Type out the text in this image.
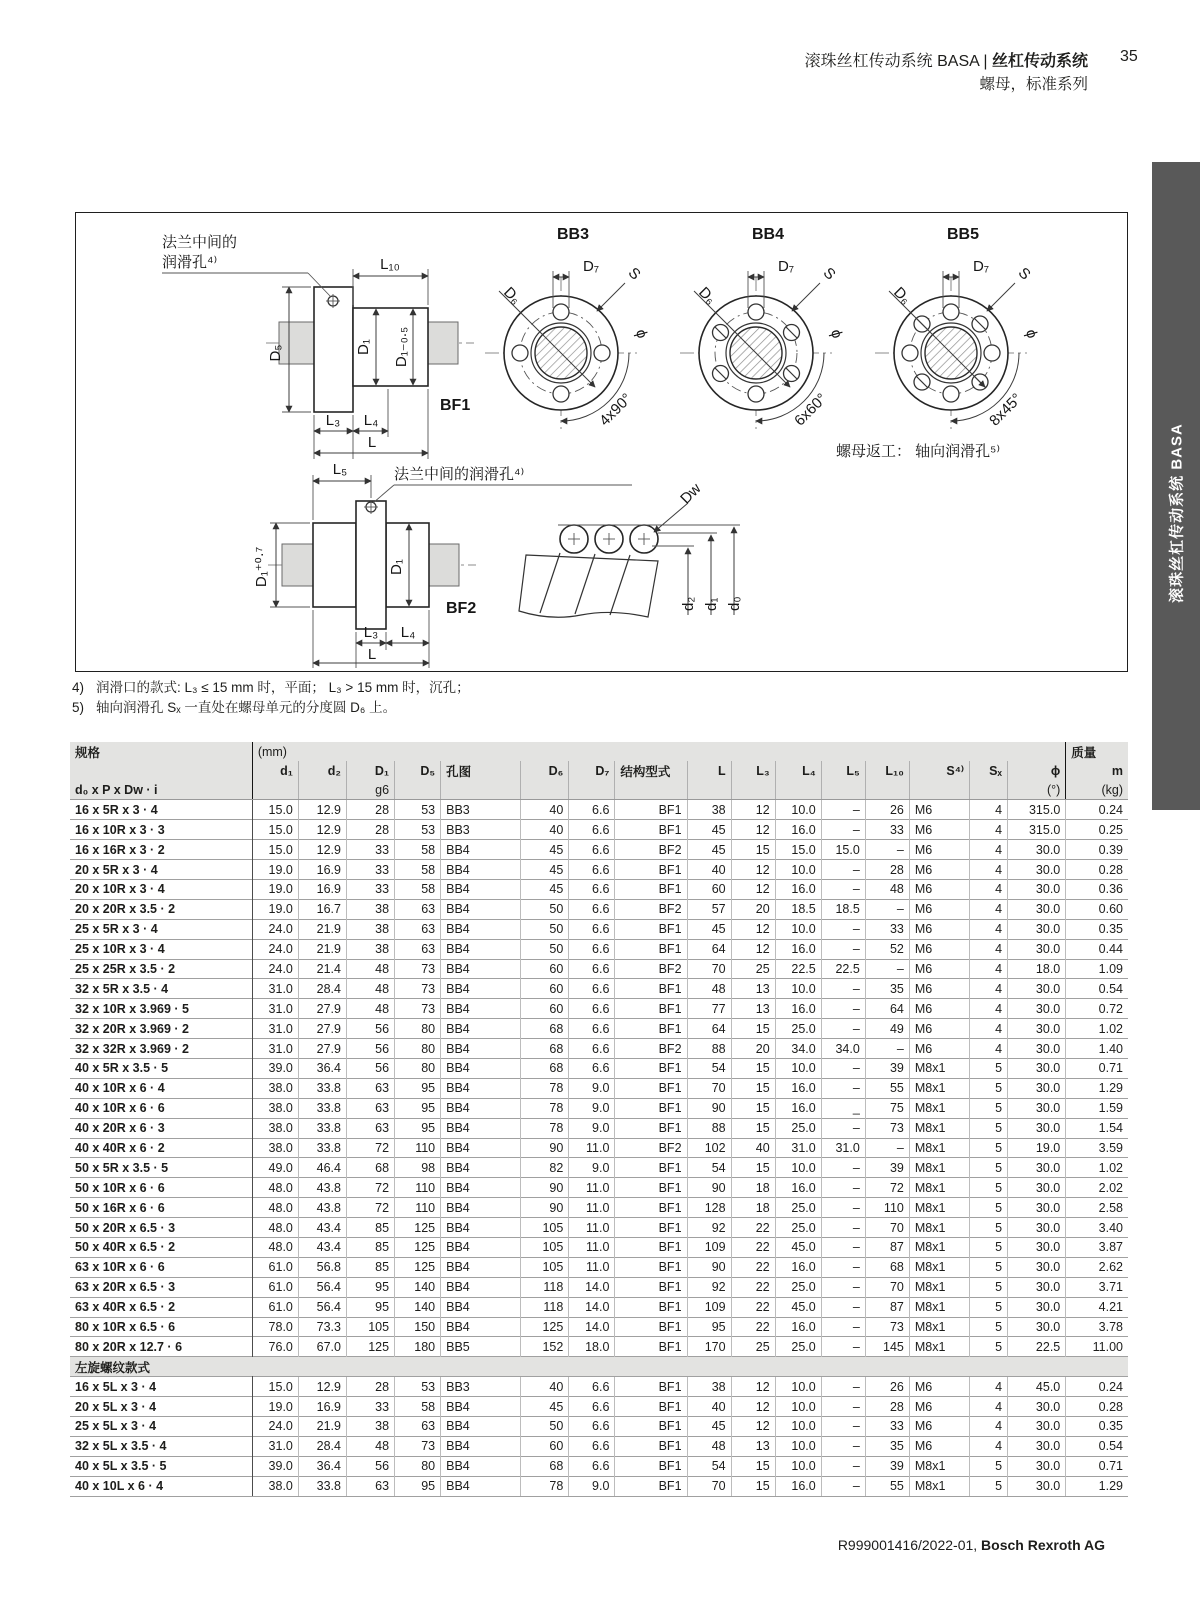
滚珠丝杠传动系统 BASA | 丝杠传动系统 35
螺母，标准系列
滚珠丝杠传动系统 BASA
法兰中间的
润滑孔⁴⁾	L₁₀
D₅	D₁ D₁₋₀.₅
BF1
L₃ L₄
L
BB3
D₇
D₆
S
ϕ
4x90°
BB4
D₇
D₆
S
ϕ
6x60°
BB5
D₇
D₆
S
ϕ
8x45°
螺母返工： 轴向润滑孔⁵⁾
L₅	法兰中间的润滑孔⁴⁾
D₁⁺⁰·⁷	D₁
BF2
L₃ L₄
L
d₂ d₁ d₀
Dw
4) 润滑口的款式: L₃ ≤ 15 mm 时，平面； L₃ > 15 mm 时，沉孔；
5) 轴向润滑孔 Sₓ 一直处在螺母单元的分度圆 D₆ 上。
规格	(mm)																质量
	d₁	d₂	D₁	D₅	孔图	D₆	D₇	结构型式	L	L₃	L₄	L₅	L₁₀	S⁴⁾	Sₓ	ϕ	m
d₀ x P x Dw · i			g6													(°)	(kg)
16 x 5R x 3 · 4	15.0	12.9	28	53	BB3	40	6.6	BF1	38	12	10.0	–	26	M6	4	315.0	0.24
16 x 10R x 3 · 3	15.0	12.9	28	53	BB3	40	6.6	BF1	45	12	16.0	–	33	M6	4	315.0	0.25
16 x 16R x 3 · 2	15.0	12.9	33	58	BB4	45	6.6	BF2	45	15	15.0	15.0	–	M6	4	30.0	0.39
20 x 5R x 3 · 4	19.0	16.9	33	58	BB4	45	6.6	BF1	40	12	10.0	–	28	M6	4	30.0	0.28
20 x 10R x 3 · 4	19.0	16.9	33	58	BB4	45	6.6	BF1	60	12	16.0	–	48	M6	4	30.0	0.36
20 x 20R x 3.5 · 2	19.0	16.7	38	63	BB4	50	6.6	BF2	57	20	18.5	18.5	–	M6	4	30.0	0.60
25 x 5R x 3 · 4	24.0	21.9	38	63	BB4	50	6.6	BF1	45	12	10.0	–	33	M6	4	30.0	0.35
25 x 10R x 3 · 4	24.0	21.9	38	63	BB4	50	6.6	BF1	64	12	16.0	–	52	M6	4	30.0	0.44
25 x 25R x 3.5 · 2	24.0	21.4	48	73	BB4	60	6.6	BF2	70	25	22.5	22.5	–	M6	4	18.0	1.09
32 x 5R x 3.5 · 4	31.0	28.4	48	73	BB4	60	6.6	BF1	48	13	10.0	–	35	M6	4	30.0	0.54
32 x 10R x 3.969 · 5	31.0	27.9	48	73	BB4	60	6.6	BF1	77	13	16.0	–	64	M6	4	30.0	0.72
32 x 20R x 3.969 · 2	31.0	27.9	56	80	BB4	68	6.6	BF1	64	15	25.0	–	49	M6	4	30.0	1.02
32 x 32R x 3.969 · 2	31.0	27.9	56	80	BB4	68	6.6	BF2	88	20	34.0	34.0	–	M6	4	30.0	1.40
40 x 5R x 3.5 · 5	39.0	36.4	56	80	BB4	68	6.6	BF1	54	15	10.0	–	39	M8x1	5	30.0	0.71
40 x 10R x 6 · 4	38.0	33.8	63	95	BB4	78	9.0	BF1	70	15	16.0	–	55	M8x1	5	30.0	1.29
40 x 10R x 6 · 6	38.0	33.8	63	95	BB4	78	9.0	BF1	90	15	16.0	_	75	M8x1	5	30.0	1.59
40 x 20R x 6 · 3	38.0	33.8	63	95	BB4	78	9.0	BF1	88	15	25.0	–	73	M8x1	5	30.0	1.54
40 x 40R x 6 · 2	38.0	33.8	72	110	BB4	90	11.0	BF2	102	40	31.0	31.0	–	M8x1	5	19.0	3.59
50 x 5R x 3.5 · 5	49.0	46.4	68	98	BB4	82	9.0	BF1	54	15	10.0	–	39	M8x1	5	30.0	1.02
50 x 10R x 6 · 6	48.0	43.8	72	110	BB4	90	11.0	BF1	90	18	16.0	–	72	M8x1	5	30.0	2.02
50 x 16R x 6 · 6	48.0	43.8	72	110	BB4	90	11.0	BF1	128	18	25.0	–	110	M8x1	5	30.0	2.58
50 x 20R x 6.5 · 3	48.0	43.4	85	125	BB4	105	11.0	BF1	92	22	25.0	–	70	M8x1	5	30.0	3.40
50 x 40R x 6.5 · 2	48.0	43.4	85	125	BB4	105	11.0	BF1	109	22	45.0	–	87	M8x1	5	30.0	3.87
63 x 10R x 6 · 6	61.0	56.8	85	125	BB4	105	11.0	BF1	90	22	16.0	–	68	M8x1	5	30.0	2.62
63 x 20R x 6.5 · 3	61.0	56.4	95	140	BB4	118	14.0	BF1	92	22	25.0	–	70	M8x1	5	30.0	3.71
63 x 40R x 6.5 · 2	61.0	56.4	95	140	BB4	118	14.0	BF1	109	22	45.0	–	87	M8x1	5	30.0	4.21
80 x 10R x 6.5 · 6	78.0	73.3	105	150	BB4	125	14.0	BF1	95	22	16.0	–	73	M8x1	5	30.0	3.78
80 x 20R x 12.7 · 6	76.0	67.0	125	180	BB5	152	18.0	BF1	170	25	25.0	–	145	M8x1	5	22.5	11.00
左旋螺纹款式																	
16 x 5L x 3 · 4	15.0	12.9	28	53	BB3	40	6.6	BF1	38	12	10.0	–	26	M6	4	45.0	0.24
20 x 5L x 3 · 4	19.0	16.9	33	58	BB4	45	6.6	BF1	40	12	10.0	–	28	M6	4	30.0	0.28
25 x 5L x 3 · 4	24.0	21.9	38	63	BB4	50	6.6	BF1	45	12	10.0	–	33	M6	4	30.0	0.35
32 x 5L x 3.5 · 4	31.0	28.4	48	73	BB4	60	6.6	BF1	48	13	10.0	–	35	M6	4	30.0	0.54
40 x 5L x 3.5 · 5	39.0	36.4	56	80	BB4	68	6.6	BF1	54	15	10.0	–	39	M8x1	5	30.0	0.71
40 x 10L x 6 · 4	38.0	33.8	63	95	BB4	78	9.0	BF1	70	15	16.0	–	55	M8x1	5	30.0	1.29
R999001416/2022-01, Bosch Rexroth AG
